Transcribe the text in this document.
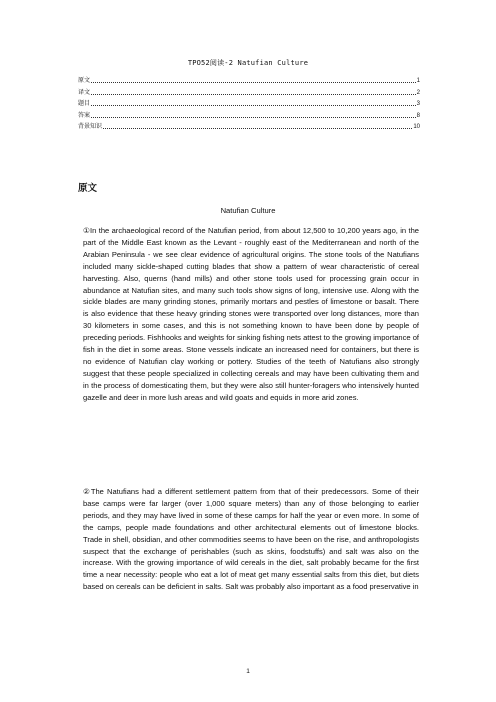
TPO52阅读-2 Natufian Culture
原文	1
译文	2
题目	3
答案	8
背景知识	10
原文
Natufian Culture

①In the archaeological record of the Natufian period, from about 12,500 to 10,200 years ago, in the part of the Middle East known as the Levant - roughly east of the Mediterranean and north of the Arabian Peninsula - we see clear evidence of agricultural origins. The stone tools of the Natufians included many sickle-shaped cutting blades that show a pattern of wear characteristic of cereal harvesting. Also, querns (hand mills) and other stone tools used for processing grain occur in abundance at Natufian sites, and many such tools show signs of long, intensive use. Along with the sickle blades are many grinding stones, primarily mortars and pestles of limestone or basalt. There is also evidence that these heavy grinding stones were transported over long distances, more than 30 kilometers in some cases, and this is not something known to have been done by people of preceding periods. Fishhooks and weights for sinking fishing nets attest to the growing importance of fish in the diet in some areas. Stone vessels indicate an increased need for containers, but there is no evidence of Natufian clay working or pottery. Studies of the teeth of Natufians also strongly suggest that these people specialized in collecting cereals and may have been cultivating them and in the process of domesticating them, but they were also still hunter-foragers who intensively hunted gazelle and deer in more lush areas and wild goats and equids in more arid zones.

②The Natufians had a different settlement pattern from that of their predecessors. Some of their base camps were far larger (over 1,000 square meters) than any of those belonging to earlier periods, and they may have lived in some of these camps for half the year or even more. In some of the camps, people made foundations and other architectural elements out of limestone blocks. Trade in shell, obsidian, and other commodities seems to have been on the rise, and anthropologists suspect that the exchange of perishables (such as skins, foodstuffs) and salt was also on the increase. With the growing importance of wild cereals in the diet, salt probably became for the first time a near necessity: people who eat a lot of meat get many essential salts from this diet, but diets based on cereals can be deficient in salts. Salt was probably also important as a food preservative in

1
